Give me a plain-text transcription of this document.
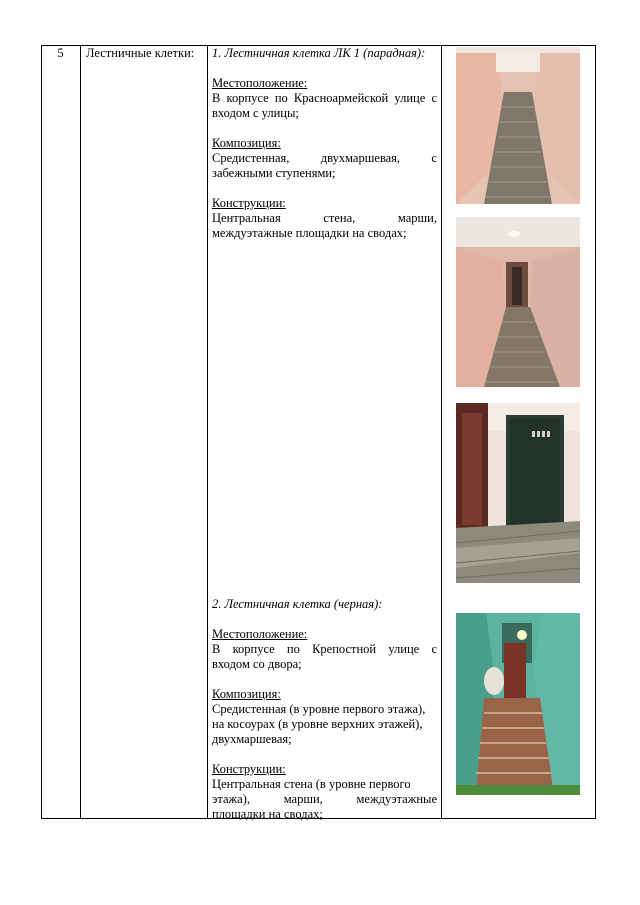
5	Лестничные клетки:	1. Лестничная клетка ЛК 1 (парадная):

Местоположение:

В корпусе по Красноармейской улице с

входом с улицы;

Композиция:

Средистенная, двухмаршевая, с

забежными ступенями;

Конструкции:

Центральная стена, марши,

междуэтажные площадки на сводах;

2. Лестничная клетка (черная):

Местоположение:

В корпусе по Крепостной улице с

входом со двора;

Композиция:

Средистенная (в уровне первого этажа),

на косоурах (в уровне верхних этажей),

двухмаршевая;

Конструкции:

Центральная стена (в уровне первого

этажа), марши, междуэтажные

площадки на сводах;
